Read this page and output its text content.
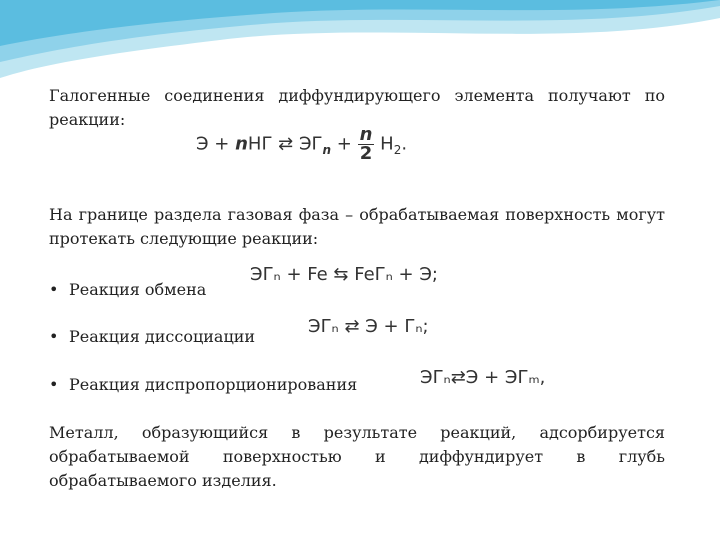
Галогенные соединения диффундирующего элемента получают по реакции:
Э + nНГ ⇄ $ЭГ_n + \frac{n}{2} H_2$.
На границе раздела газовая фаза – обрабатываемая поверхность могут протекать следующие реакции:
• Реакция обмена
ЭГₙ + Fe ⇆ FeГₙ + Э;
• Реакция диссоциации	ЭГₙ ⇄ Э + Гₙ;
• Реакция диспропорционирования	ЭГₙ⇄Э + ЭГₘ,
Металл, образующийся в результате реакций, адсорбируется обрабатываемой поверхностью и диффундирует в глубь обрабатываемого изделия.
